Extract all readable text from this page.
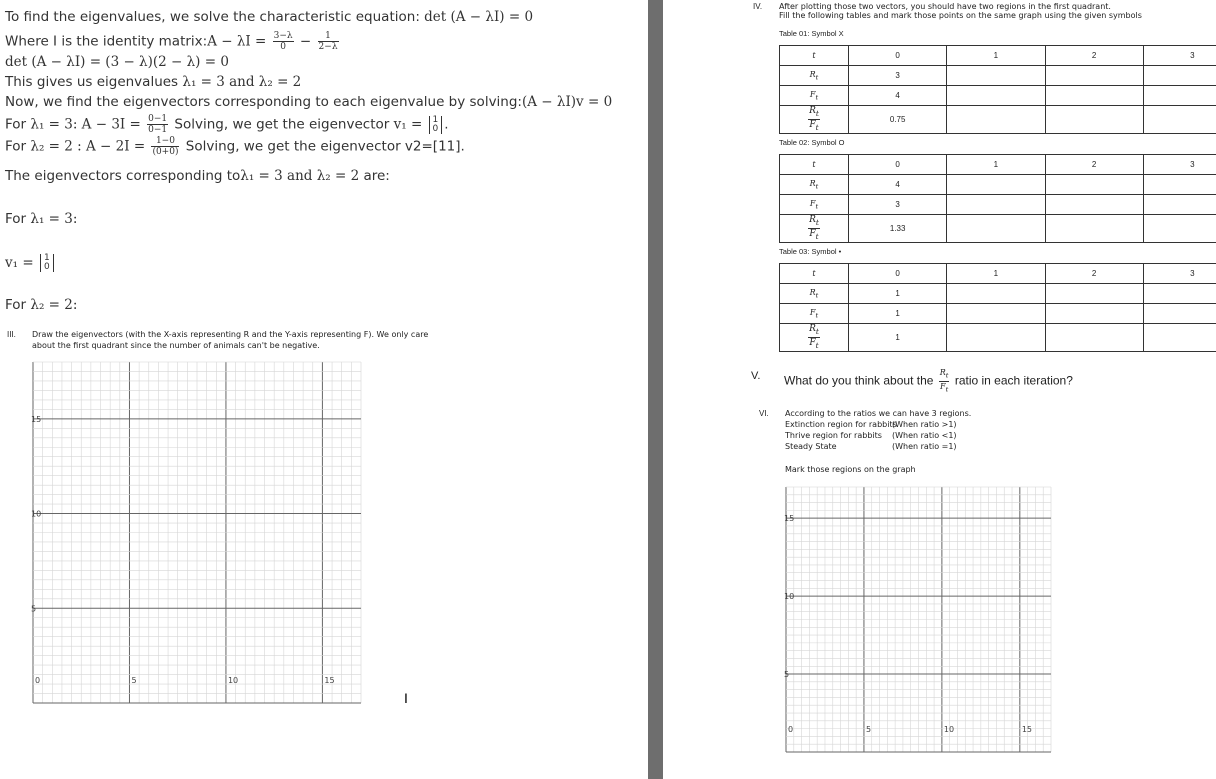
To find the eigenvalues, we solve the characteristic equation: det (A − λI) = 0
Where I is the identity matrix:A − $\lambda I = \frac{3-\lambda}{0} - \frac{1}{2-\lambda}$
det (A − λI) = (3 − λ)(2 − λ) = 0
This gives us eigenvalues λ₁ = 3 and λ₂ = 2
Now, we find the eigenvectors corresponding to each eigenvalue by solving:(A − λI)v = 0
For λ₁ = 3: $A - 3I = \frac{0-1}{0-1}$ Solving, we get the eigenvector v₁ = 1
0 .
For λ₂ = 2 : $A - 2I = \frac{1-0}{(0+0)}$ Solving, we get the eigenvector v2=[11].
The eigenvectors corresponding toλ₁ = 3 and λ₂ = 2 are:
For λ₁ = 3:
v₁ = 1
0
For λ₂ = 2:
III. Draw the eigenvectors (with the X-axis representing R and the Y-axis representing F). We only care
about the first quadrant since the number of animals can't be negative.
15
10
5
0	5	10	15
I
IV. After plotting those two vectors, you should have two regions in the first quadrant.
Fill the following tables and mark those points on the same graph using the given symbols
Table 01: Symbol X
t	0	1	2	3
$R_t$	3			
$F_t$	4			

$\frac{R_t}{F_t}$	0.75			
Table 02: Symbol O
t	0	1	2	3
$R_t$	4			
$F_t$	3			

$\frac{R_t}{F_t}$	1.33			
Table 03: Symbol •
t	0	1	2	3
$R_t$	1			
$F_t$	1			

$\frac{R_t}{F_t}$	1			
V. What do you think about the $\frac{R_t}{F_t}$ ratio in each iteration?
VI. According to the ratios we can have 3 regions.
Extinction region for rabbits
(When ratio >1)
Thrive region for rabbits (When ratio <1)
Steady State	(When ratio =1)
Mark those regions on the graph
15
10
5
0	5	10	15
